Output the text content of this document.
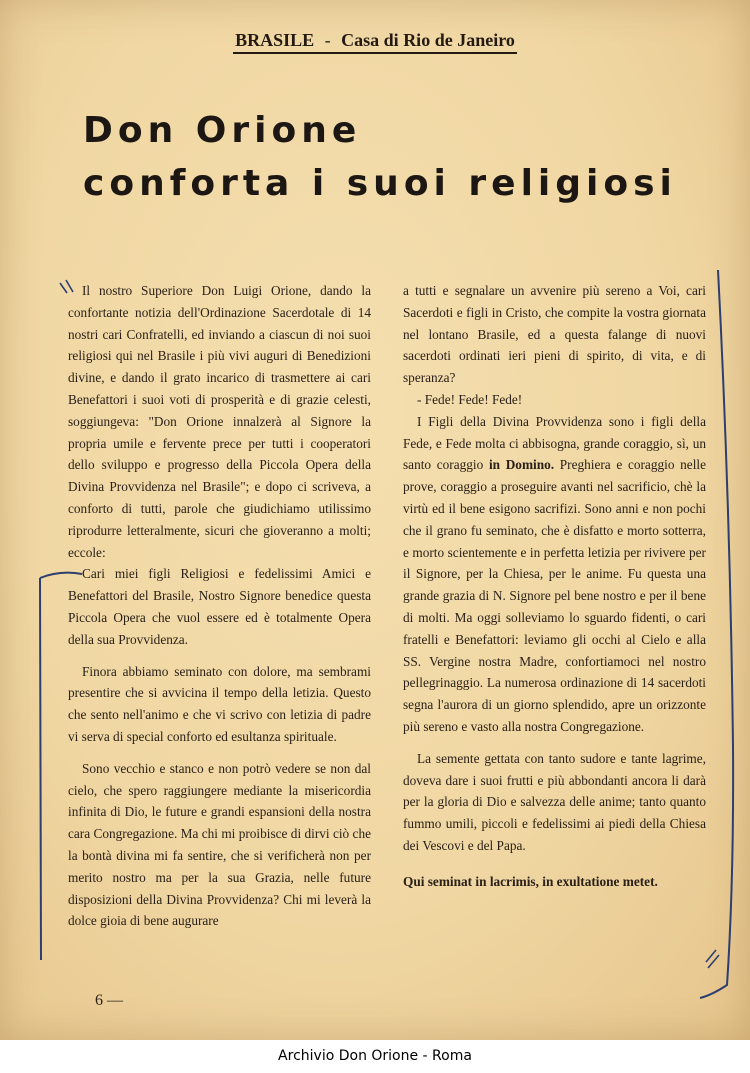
BRASILE - Casa di Rio de Janeiro
Don Orione
conforta i suoi religiosi

Il nostro Superiore Don Luigi Orione, dando la confortante notizia dell'Ordinazione Sacerdotale di 14 nostri cari Confratelli, ed inviando a ciascun di noi suoi religiosi qui nel Brasile i più vivi auguri di Benedizioni divine, e dando il grato incarico di trasmettere ai cari Benefattori i suoi voti di prosperità e di grazie celesti, soggiungeva: "Don Orione innalzerà al Signore la propria umile e fervente prece per tutti i cooperatori dello sviluppo e progresso della Piccola Opera della Divina Provvidenza nel Brasile"; e dopo ci scriveva, a conforto di tutti, parole che giudichiamo utilissimo riprodurre letteralmente, sicuri che gioveranno a molti; eccole:

Cari miei figli Religiosi e fedelissimi Amici e Benefattori del Brasile, Nostro Signore benedice questa Piccola Opera che vuol essere ed è totalmente Opera della sua Provvidenza.

Finora abbiamo seminato con dolore, ma sembrami presentire che si avvicina il tempo della letizia. Questo che sento nell'animo e che vi scrivo con letizia di padre vi serva di special conforto ed esultanza spirituale.

Sono vecchio e stanco e non potrò vedere se non dal cielo, che spero raggiungere mediante la misericordia infinita di Dio, le future e grandi espansioni della nostra cara Congregazione. Ma chi mi proibisce di dirvi ciò che la bontà divina mi fa sentire, che si verificherà non per merito nostro ma per la sua Grazia, nelle future disposizioni della Divina Provvidenza? Chi mi leverà la dolce gioia di bene augurare

a tutti e segnalare un avvenire più sereno a Voi, cari Sacerdoti e figli in Cristo, che compite la vostra giornata nel lontano Brasile, ed a questa falange di nuovi sacerdoti ordinati ieri pieni di spirito, di vita, e di speranza?

- Fede! Fede! Fede!

I Figli della Divina Provvidenza sono i figli della Fede, e Fede molta ci abbisogna, grande coraggio, sì, un santo coraggio in Domino. Preghiera e coraggio nelle prove, coraggio a proseguire avanti nel sacrificio, chè la virtù ed il bene esigono sacrifizi. Sono anni e non pochi che il grano fu seminato, che è disfatto e morto sotterra, e morto scientemente e in perfetta letizia per rivivere per il Signore, per la Chiesa, per le anime. Fu questa una grande grazia di N. Signore pel bene nostro e per il bene di molti. Ma oggi solleviamo lo sguardo fidenti, o cari fratelli e Benefattori: leviamo gli occhi al Cielo e alla SS. Vergine nostra Madre, confortiamoci nel nostro pellegrinaggio. La numerosa ordinazione di 14 sacerdoti segna l'aurora di un giorno splendido, apre un orizzonte più sereno e vasto alla nostra Congregazione.

La semente gettata con tanto sudore e tante lagrime, doveva dare i suoi frutti e più abbondanti ancora li darà per la gloria di Dio e salvezza delle anime; tanto quanto fummo umili, piccoli e fedelissimi ai piedi della Chiesa dei Vescovi e del Papa.

Qui seminat in lacrimis, in exultatione metet.

6 —
Archivio Don Orione - Roma
